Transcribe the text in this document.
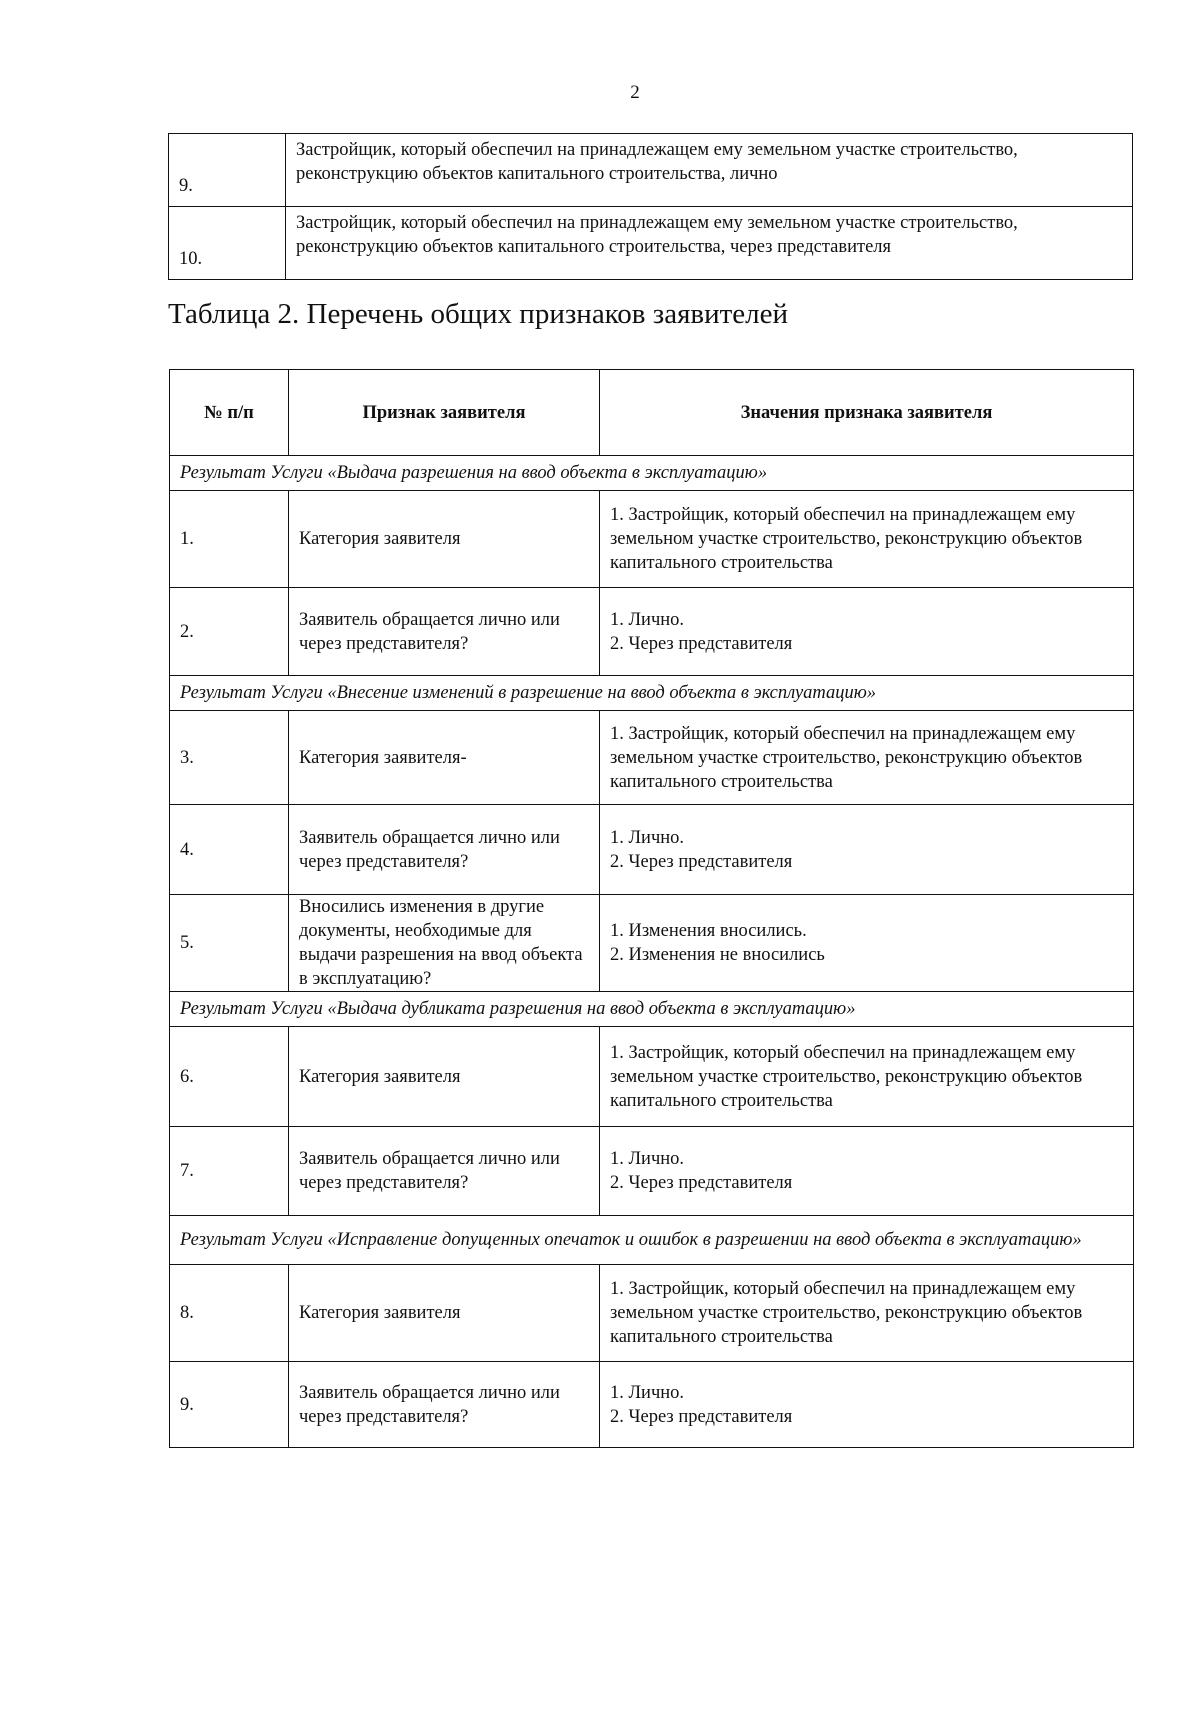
2
9.	Застройщик, который обеспечил на принадлежащем ему земельном участке строительство, реконструкцию объектов капитального строительства, лично
10.	Застройщик, который обеспечил на принадлежащем ему земельном участке строительство, реконструкцию объектов капитального строительства, через представителя
Таблица 2. Перечень общих признаков заявителей
№ п/п	Признак заявителя	Значения признака заявителя
Результат Услуги «Выдача разрешения на ввод объекта в эксплуатацию»		
1.	Категория заявителя	1. Застройщик, который обеспечил на принадлежащем ему земельном участке строительство, реконструкцию объектов капитального строительства
2.	Заявитель обращается лично или через представителя?	1. Лично.
2. Через представителя
Результат Услуги «Внесение изменений в разрешение на ввод объекта в эксплуатацию»		
3.	Категория заявителя-	1. Застройщик, который обеспечил на принадлежащем ему земельном участке строительство, реконструкцию объектов капитального строительства
4.	Заявитель обращается лично или через представителя?	1. Лично.
2. Через представителя
5.	Вносились изменения в другие документы, необходимые для выдачи разрешения на ввод объекта в эксплуатацию?	1. Изменения вносились.
2. Изменения не вносились
Результат Услуги «Выдача дубликата разрешения на ввод объекта в эксплуатацию»		
6.	Категория заявителя	1. Застройщик, который обеспечил на принадлежащем ему земельном участке строительство, реконструкцию объектов капитального строительства
7.	Заявитель обращается лично или через представителя?	1. Лично.
2. Через представителя
Результат Услуги «Исправление допущенных опечаток и ошибок в разрешении на ввод объекта в эксплуатацию»		
8.	Категория заявителя	1. Застройщик, который обеспечил на принадлежащем ему земельном участке строительство, реконструкцию объектов капитального строительства
9.	Заявитель обращается лично или через представителя?	1. Лично.
2. Через представителя
